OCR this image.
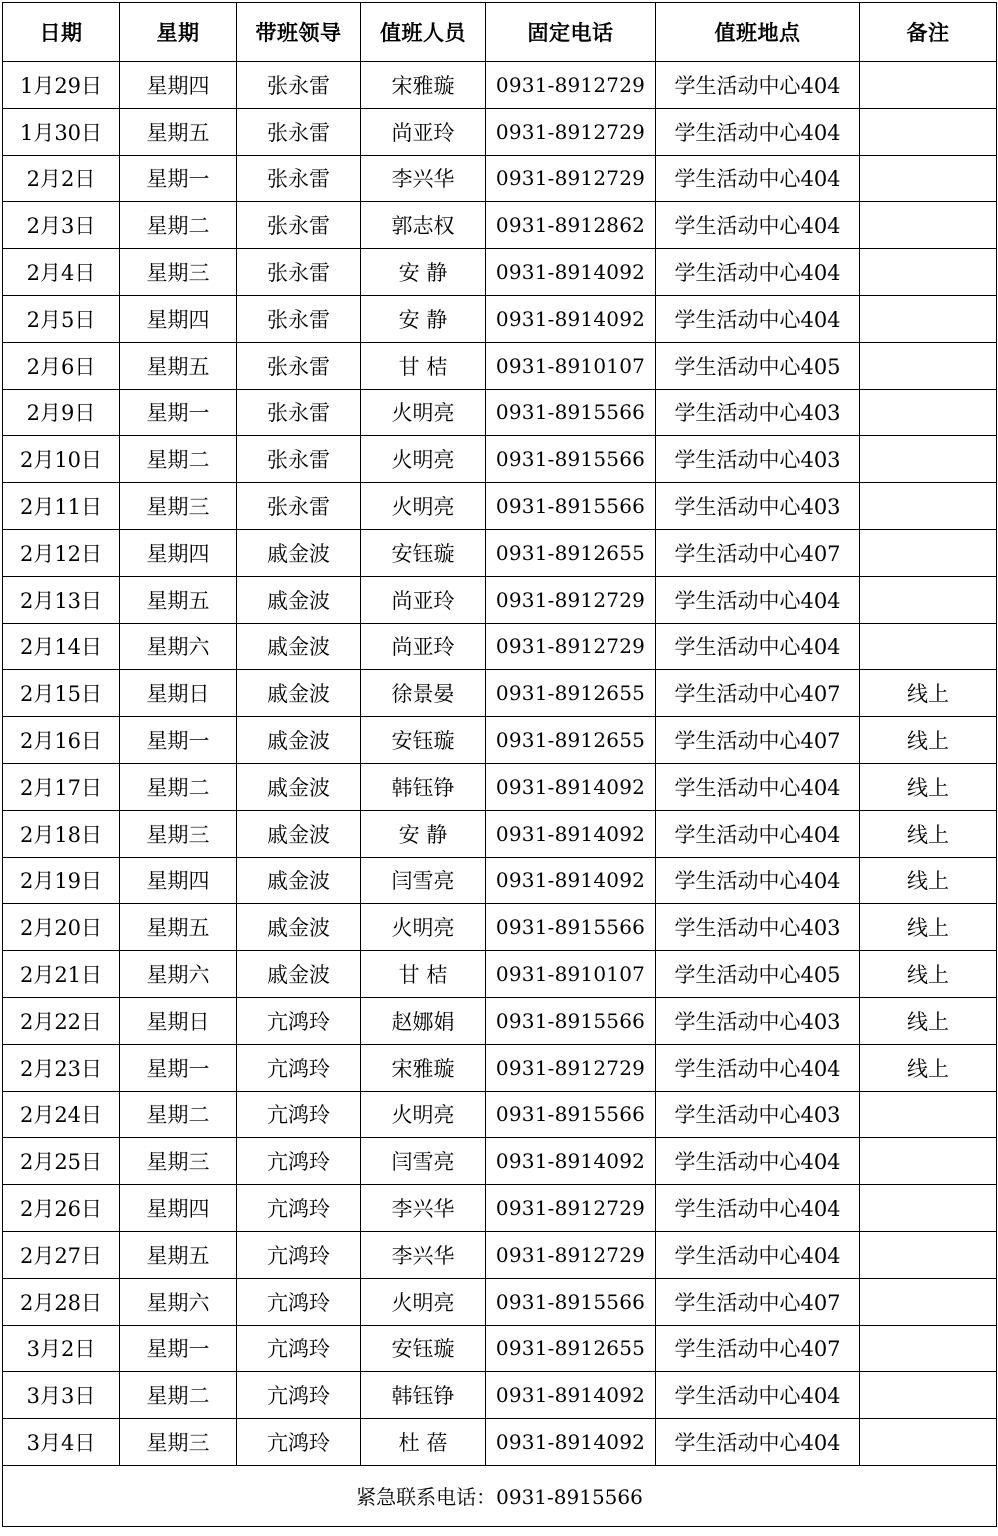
日期	星期	带班领导	值班人员	固定电话	值班地点	备注
1月29日	星期四	张永雷	宋雅璇	0931-8912729	学生活动中心404	
1月30日	星期五	张永雷	尚亚玲	0931-8912729	学生活动中心404	
2月2日	星期一	张永雷	李兴华	0931-8912729	学生活动中心404	
2月3日	星期二	张永雷	郭志权	0931-8912862	学生活动中心404	
2月4日	星期三	张永雷	安 静	0931-8914092	学生活动中心404	
2月5日	星期四	张永雷	安 静	0931-8914092	学生活动中心404	
2月6日	星期五	张永雷	甘 桔	0931-8910107	学生活动中心405	
2月9日	星期一	张永雷	火明亮	0931-8915566	学生活动中心403	
2月10日	星期二	张永雷	火明亮	0931-8915566	学生活动中心403	
2月11日	星期三	张永雷	火明亮	0931-8915566	学生活动中心403	
2月12日	星期四	戚金波	安钰璇	0931-8912655	学生活动中心407	
2月13日	星期五	戚金波	尚亚玲	0931-8912729	学生活动中心404	
2月14日	星期六	戚金波	尚亚玲	0931-8912729	学生活动中心404	
2月15日	星期日	戚金波	徐景晏	0931-8912655	学生活动中心407	线上
2月16日	星期一	戚金波	安钰璇	0931-8912655	学生活动中心407	线上
2月17日	星期二	戚金波	韩钰铮	0931-8914092	学生活动中心404	线上
2月18日	星期三	戚金波	安 静	0931-8914092	学生活动中心404	线上
2月19日	星期四	戚金波	闫雪亮	0931-8914092	学生活动中心404	线上
2月20日	星期五	戚金波	火明亮	0931-8915566	学生活动中心403	线上
2月21日	星期六	戚金波	甘 桔	0931-8910107	学生活动中心405	线上
2月22日	星期日	亢鸿玲	赵娜娟	0931-8915566	学生活动中心403	线上
2月23日	星期一	亢鸿玲	宋雅璇	0931-8912729	学生活动中心404	线上
2月24日	星期二	亢鸿玲	火明亮	0931-8915566	学生活动中心403	
2月25日	星期三	亢鸿玲	闫雪亮	0931-8914092	学生活动中心404	
2月26日	星期四	亢鸿玲	李兴华	0931-8912729	学生活动中心404	
2月27日	星期五	亢鸿玲	李兴华	0931-8912729	学生活动中心404	
2月28日	星期六	亢鸿玲	火明亮	0931-8915566	学生活动中心407	
3月2日	星期一	亢鸿玲	安钰璇	0931-8912655	学生活动中心407	
3月3日	星期二	亢鸿玲	韩钰铮	0931-8914092	学生活动中心404	
3月4日	星期三	亢鸿玲	杜 蓓	0931-8914092	学生活动中心404	
紧急联系电话：0931-8915566						
